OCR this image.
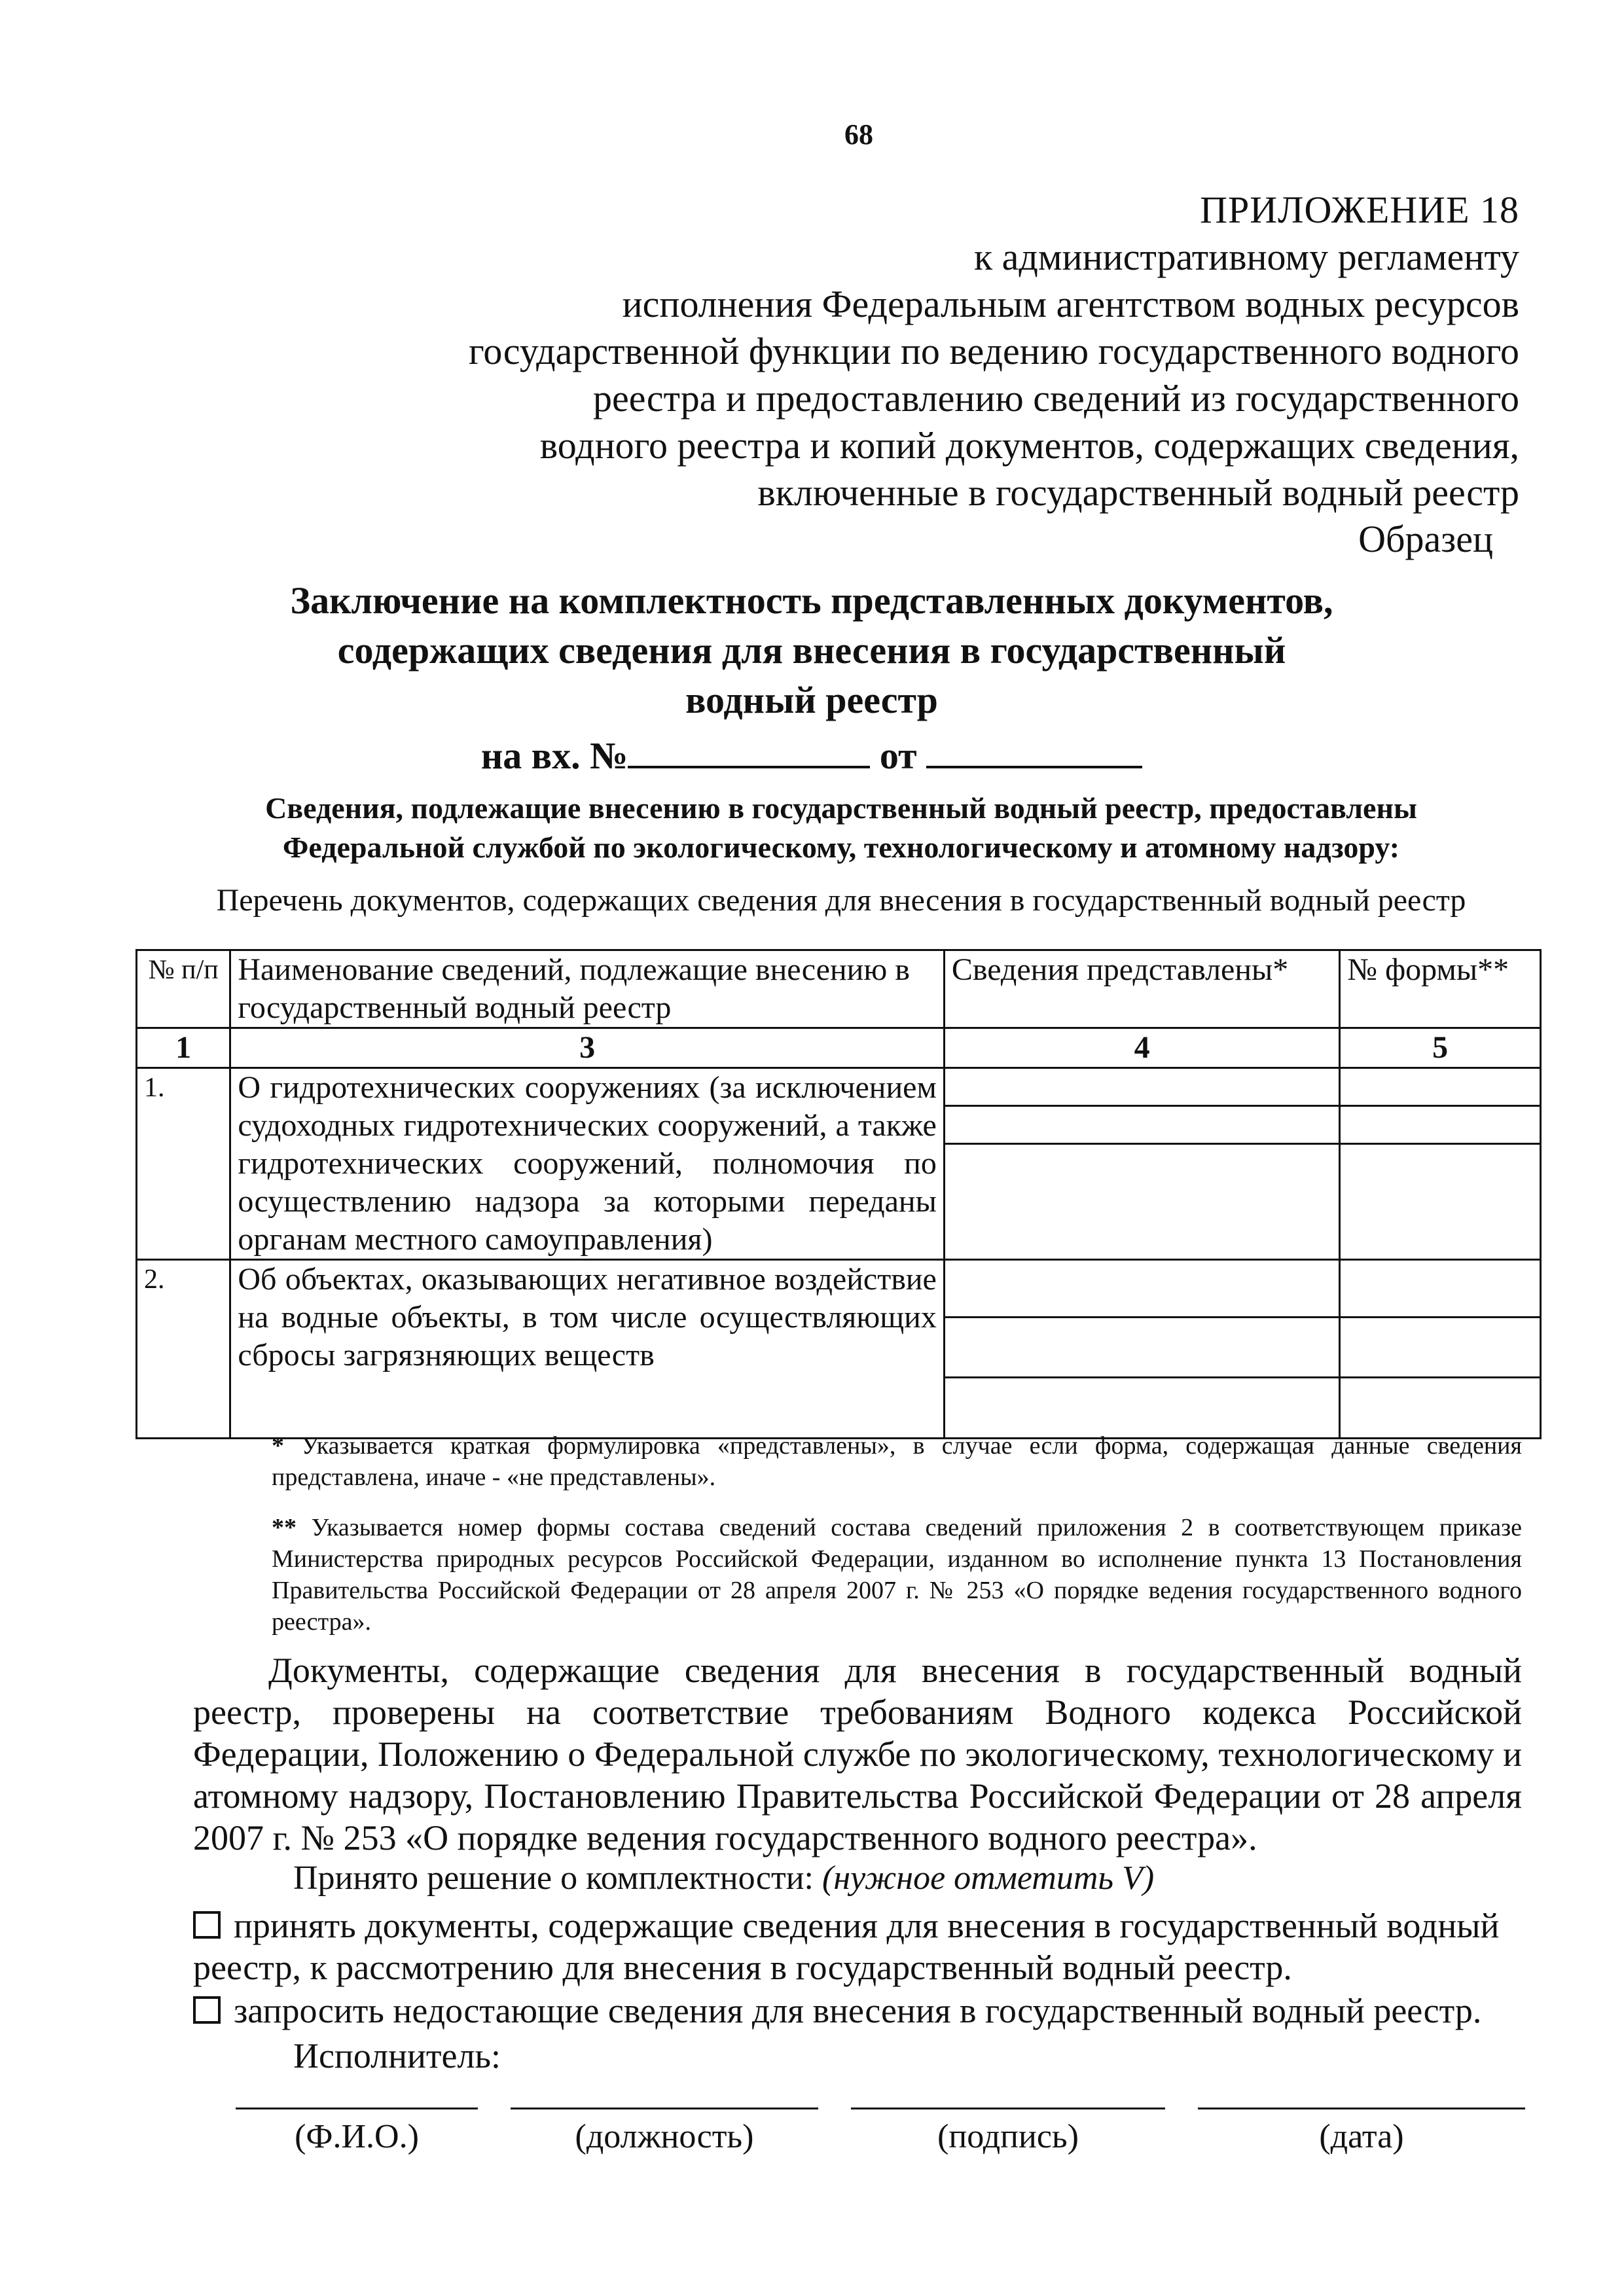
68
ПРИЛОЖЕНИЕ 18
к административному регламенту
исполнения Федеральным агентством водных ресурсов
государственной функции по ведению государственного водного
реестра и предоставлению сведений из государственного
водного реестра и копий документов, содержащих сведения,
включенные в государственный водный реестр
Образец
Заключение на комплектность представленных документов,
содержащих сведения для внесения в государственный
водный реестр
на вх. №	от
Сведения, подлежащие внесению в государственный водный реестр, предоставлены
Федеральной службой по экологическому, технологическому и атомному надзору:
Перечень документов, содержащих сведения для внесения в государственный водный реестр
№ п/п	Наименование сведений, подлежащие внесению в государственный водный реестр	Сведения представлены*	№ формы**
1	3	4	5
1.	О гидротехнических сооружениях (за исключением судоходных гидротехнических сооружений, а также гидротехнических сооружений, полномочия по осуществлению надзора за которыми переданы органам местного самоуправления)	

2.	Об объектах, оказывающих негативное воздействие на водные объекты, в том числе осуществляющих сбросы загрязняющих веществ	

* Указывается краткая формулировка «представлены», в случае если форма, содержащая данные сведения представлена, иначе - «не представлены».
** Указывается номер формы состава сведений состава сведений приложения 2 в соответствующем приказе Министерства природных ресурсов Российской Федерации, изданном во исполнение пункта 13 Постановления Правительства Российской Федерации от 28 апреля 2007 г. № 253 «О порядке ведения государственного водного реестра».
Документы, содержащие сведения для внесения в государственный водный реестр, проверены на соответствие требованиям Водного кодекса Российской Федерации, Положению о Федеральной службе по экологическому, технологическому и атомному надзору, Постановлению Правительства Российской Федерации от 28 апреля 2007 г. № 253 «О порядке ведения государственного водного реестра».
Принято решение о комплектности: (нужное отметить V)
принять документы, содержащие сведения для внесения в государственный водный реестр, к рассмотрению для внесения в государственный водный реестр.
запросить недостающие сведения для внесения в государственный водный реестр.
Исполнитель:
(Ф.И.О.)	(должность)	(подпись)	(дата)
